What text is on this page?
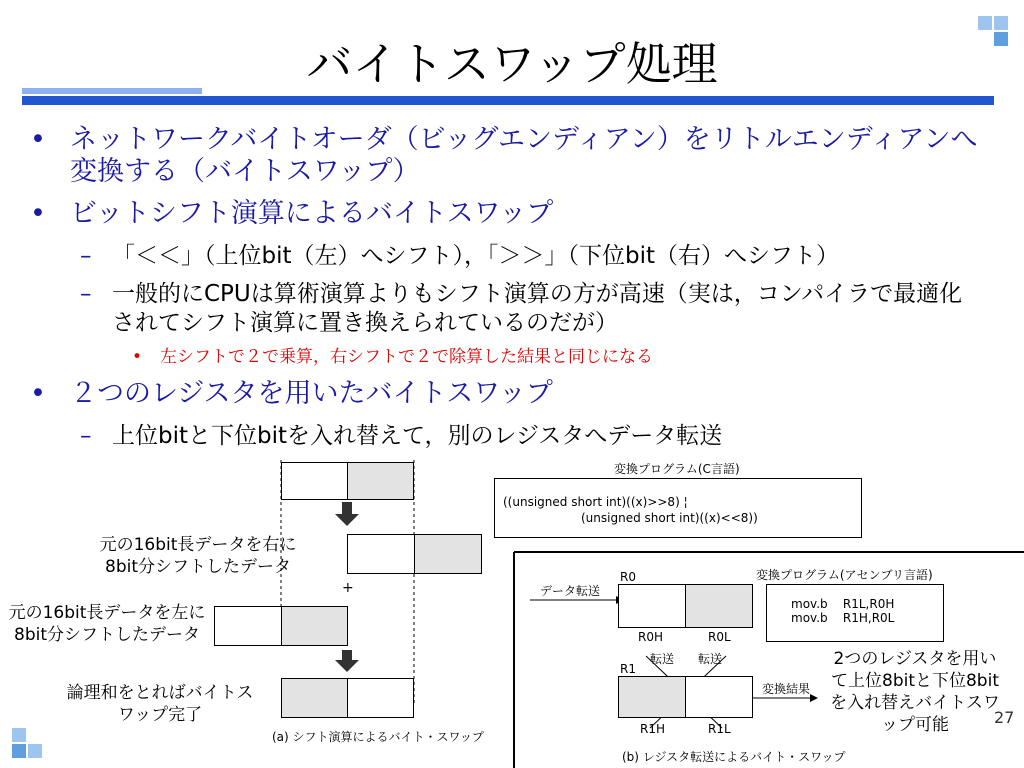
バイトスワップ処理
• ネットワークバイトオーダ（ビッグエンディアン）をリトルエンディアンへ変換する（バイトスワップ）
• ビットシフト演算によるバイトスワップ
– 「＜＜」（上位bit（左）へシフト），「＞＞」（下位bit（右）へシフト）
– 一般的にCPUは算術演算よりもシフト演算の方が高速（実は，コンパイラで最適化されてシフト演算に置き換えられているのだが）
• 左シフトで２で乗算，右シフトで２で除算した結果と同じになる
• ２つのレジスタを用いたバイトスワップ
– 上位bitと下位bitを入れ替えて，別のレジスタへデータ転送
元の16bit長データを右に8bit分シフトしたデータ
+
元の16bit長データを左に8bit分シフトしたデータ
論理和をとればバイトスワップ完了
(a) シフト演算によるバイト・スワップ
変換プログラム(C言語)
((unsigned short int)((x)>>8) ¦
(unsigned short int)((x)<<8))
データ転送
R0
R0H	R0L
転送 転送
R1
R1H	R1L
変換結果
変換プログラム(アセンブリ言語)
mov.b    R1L,R0H
mov.b    R1H,R0L
2つのレジスタを用いて上位8bitと下位8bitを入れ替えバイトスワップ可能
(b) レジスタ転送によるバイト・スワップ
27
